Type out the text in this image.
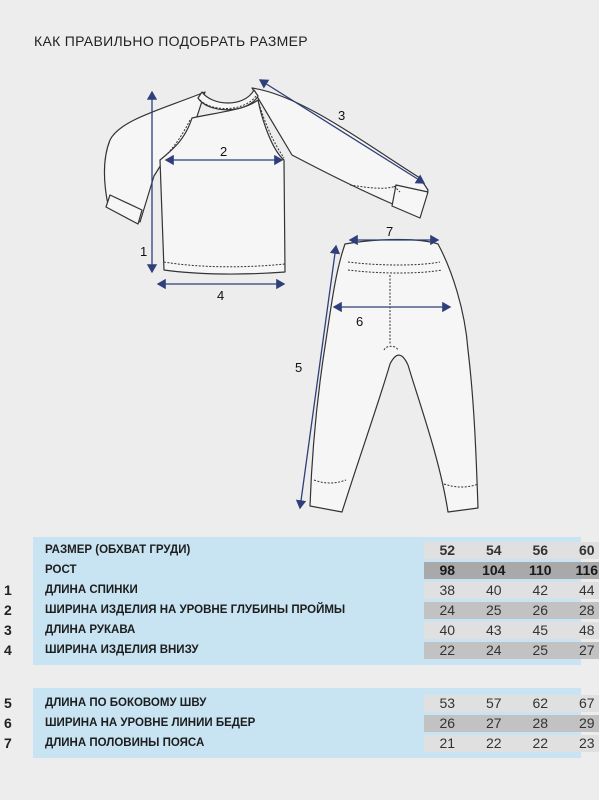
КАК ПРАВИЛЬНО ПОДОБРАТЬ РАЗМЕР
1
2
3
4
5
6
7
РАЗМЕР (ОБХВАТ ГРУДИ)	52	54	56	60
РОСТ	98	104	110	116
ДЛИНА СПИНКИ	38	40	42	44
ШИРИНА ИЗДЕЛИЯ НА УРОВНЕ ГЛУБИНЫ ПРОЙМЫ	24	25	26	28
ДЛИНА РУКАВА	40	43	45	48
ШИРИНА ИЗДЕЛИЯ ВНИЗУ	22	24	25	27
1
2
3
4
ДЛИНА ПО БОКОВОМУ ШВУ	53	57	62	67
ШИРИНА НА УРОВНЕ ЛИНИИ БЕДЕР	26	27	28	29
ДЛИНА ПОЛОВИНЫ ПОЯСА	21	22	22	23
5
6
7
